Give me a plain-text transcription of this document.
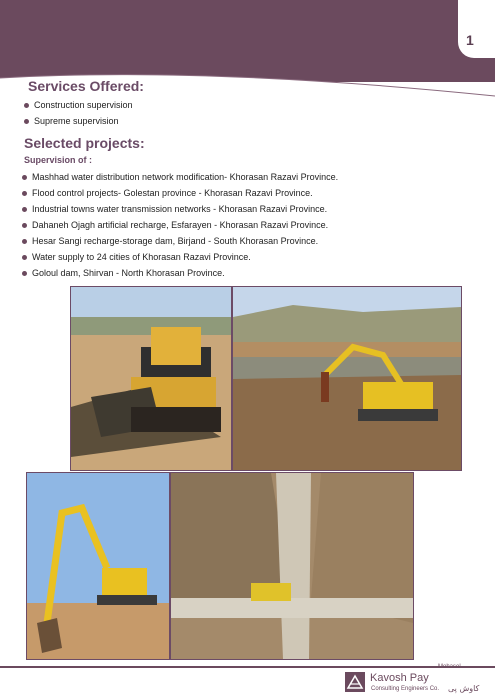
1
Services Offered:
Construction supervision
Supreme supervision
Selected projects:
Supervision of :
Mashhad water distribution network modification- Khorasan Razavi Province.
Flood control projects- Golestan province - Khorasan Razavi Province.
Industrial towns water transmission networks - Khorasan Razavi Province.
Dahaneh Ojagh artificial recharge, Esfarayen - Khorasan Razavi Province.
Hesar Sangi recharge-storage dam, Birjand - South Khorasan Province.
Water supply to 24 cities of Khorasan Razavi Province.
Goloul dam, Shirvan - North Khorasan Province.
Kavosh Pay
Mohasel
Consulting Engineers Co. کاوش پی
